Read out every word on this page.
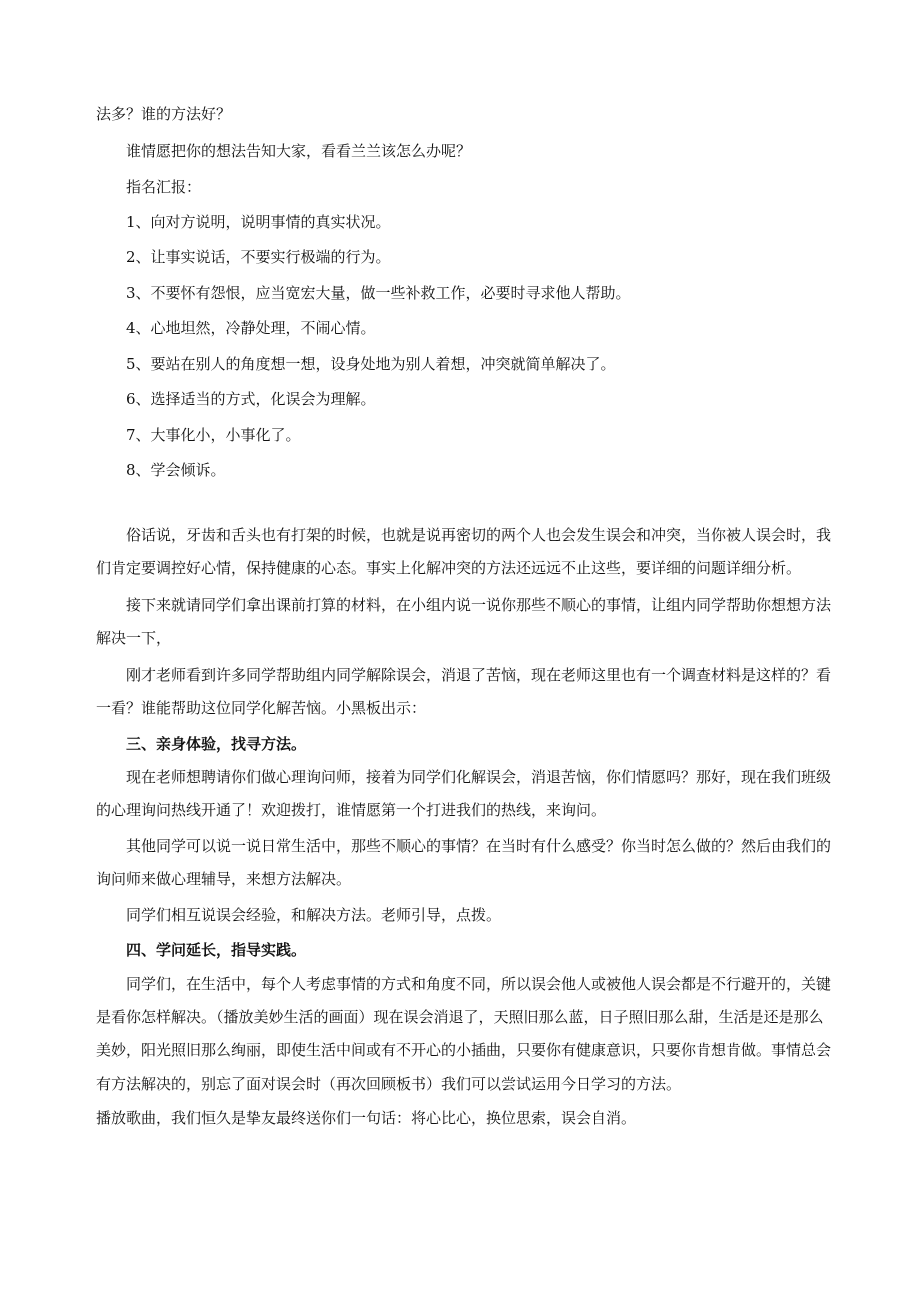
法多？谁的方法好？

谁情愿把你的想法告知大家，看看兰兰该怎么办呢？

指名汇报：

1、向对方说明，说明事情的真实状况。

2、让事实说话，不要实行极端的行为。

3、不要怀有怨恨，应当宽宏大量，做一些补救工作，必要时寻求他人帮助。

4、心地坦然，冷静处理，不闹心情。

5、要站在别人的角度想一想，设身处地为别人着想，冲突就简单解决了。

6、选择适当的方式，化误会为理解。

7、大事化小，小事化了。

8、学会倾诉。

俗话说，牙齿和舌头也有打架的时候，也就是说再密切的两个人也会发生误会和冲突，当你被人误会时，我

们肯定要调控好心情，保持健康的心态。事实上化解冲突的方法还远远不止这些，要详细的问题详细分析。

接下来就请同学们拿出课前打算的材料，在小组内说一说你那些不顺心的事情，让组内同学帮助你想想方法

解决一下，

刚才老师看到许多同学帮助组内同学解除误会，消退了苦恼，现在老师这里也有一个调查材料是这样的？看

一看？谁能帮助这位同学化解苦恼。小黑板出示：

三、亲身体验，找寻方法。

现在老师想聘请你们做心理询问师，接着为同学们化解误会，消退苦恼，你们情愿吗？那好，现在我们班级

的心理询问热线开通了！欢迎拨打，谁情愿第一个打进我们的热线，来询问。

其他同学可以说一说日常生活中，那些不顺心的事情？在当时有什么感受？你当时怎么做的？然后由我们的

询问师来做心理辅导，来想方法解决。

同学们相互说误会经验，和解决方法。老师引导，点拨。

四、学问延长，指导实践。

同学们，在生活中，每个人考虑事情的方式和角度不同，所以误会他人或被他人误会都是不行避开的，关键

是看你怎样解决。（播放美妙生活的画面）现在误会消退了，天照旧那么蓝，日子照旧那么甜，生活是还是那么

美妙，阳光照旧那么绚丽，即使生活中间或有不开心的小插曲，只要你有健康意识，只要你肯想肯做。事情总会

有方法解决的，别忘了面对误会时（再次回顾板书）我们可以尝试运用今日学习的方法。

播放歌曲，我们恒久是挚友最终送你们一句话：将心比心，换位思索，误会自消。
